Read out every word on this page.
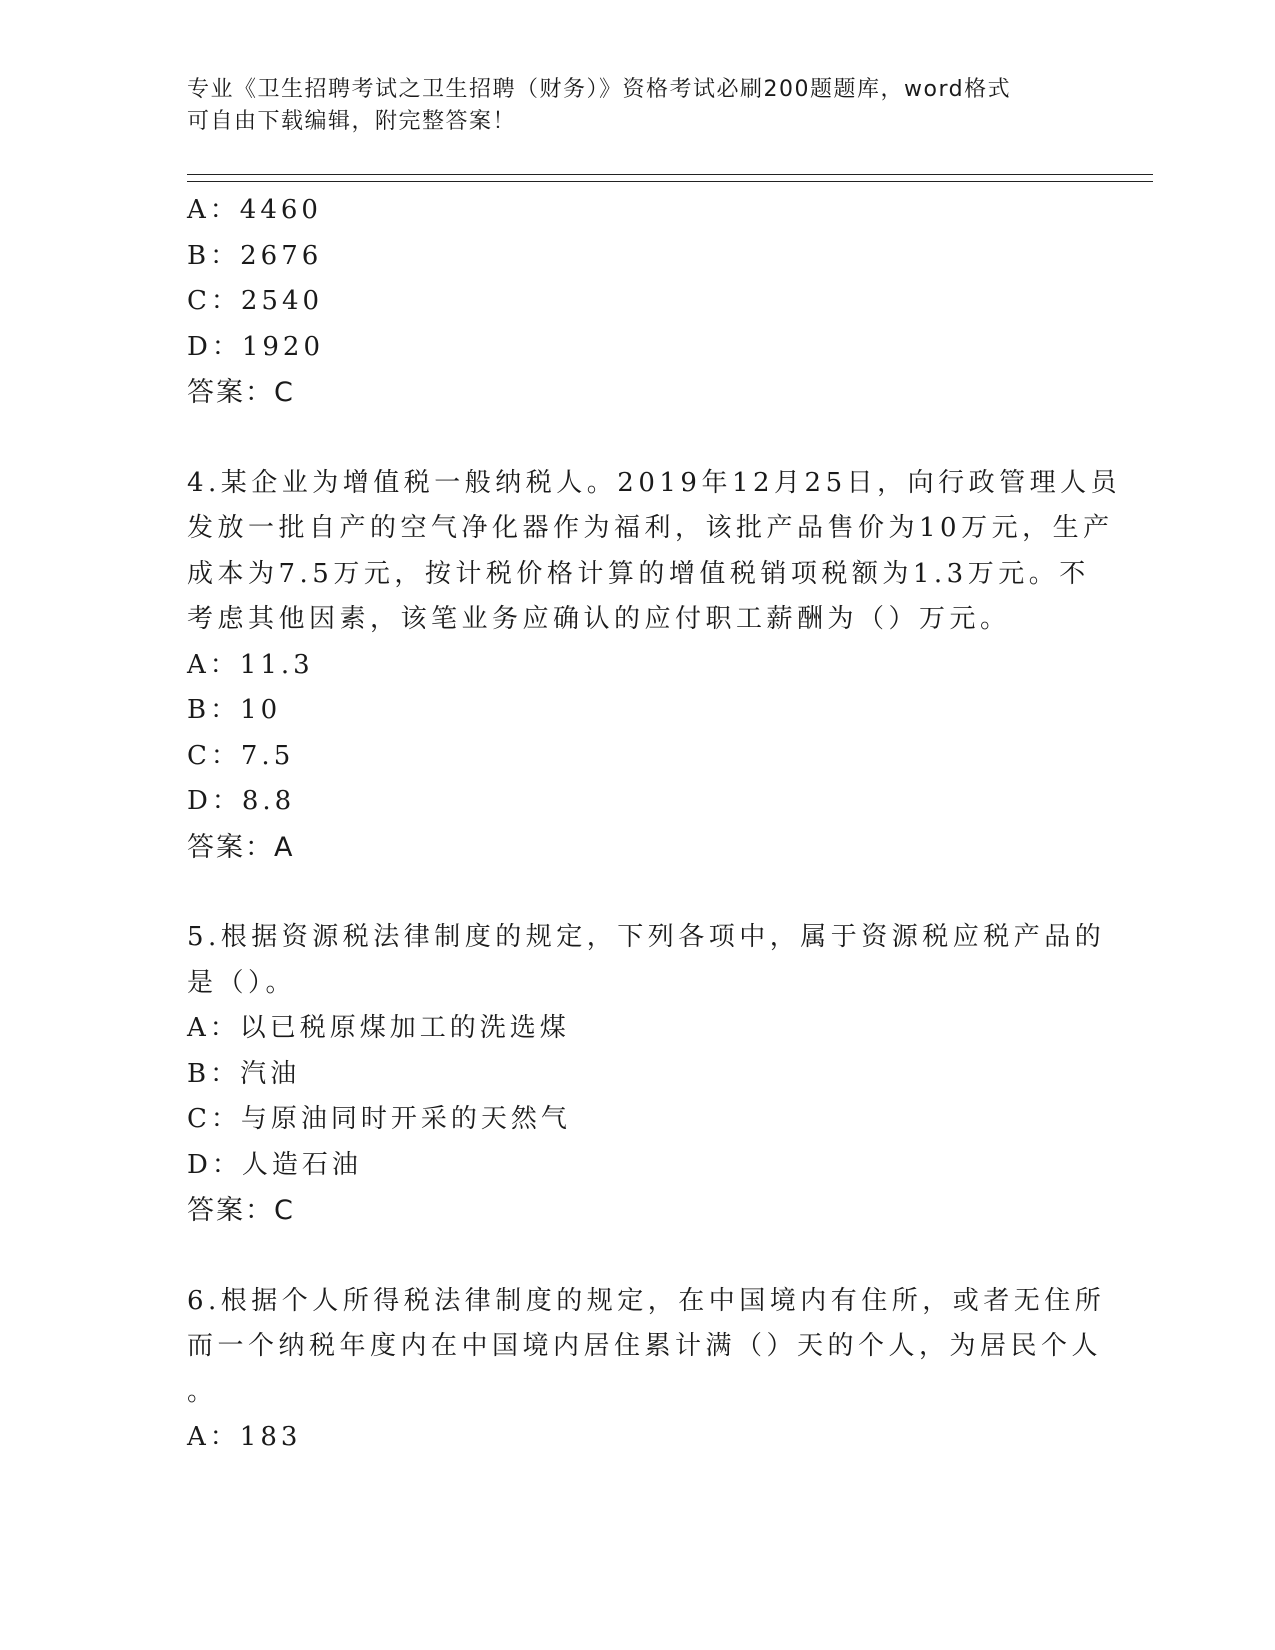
专业《卫生招聘考试之卫生招聘（财务）》资格考试必刷200题题库，word格式
可自由下载编辑，附完整答案！
A：4460
B：2676
C：2540
D：1920
答案：C
4.某企业为增值税一般纳税人。2019年12月25日，向行政管理人员
发放一批自产的空气净化器作为福利，该批产品售价为10万元，生产
成本为7.5万元，按计税价格计算的增值税销项税额为1.3万元。不
考虑其他因素，该笔业务应确认的应付职工薪酬为（）万元。
A：11.3
B：10
C：7.5
D：8.8
答案：A
5.根据资源税法律制度的规定，下列各项中，属于资源税应税产品的
是（）。
A：以已税原煤加工的洗选煤
B：汽油
C：与原油同时开采的天然气
D：人造石油
答案：C
6.根据个人所得税法律制度的规定，在中国境内有住所，或者无住所
而一个纳税年度内在中国境内居住累计满（）天的个人，为居民个人
。
A：183
